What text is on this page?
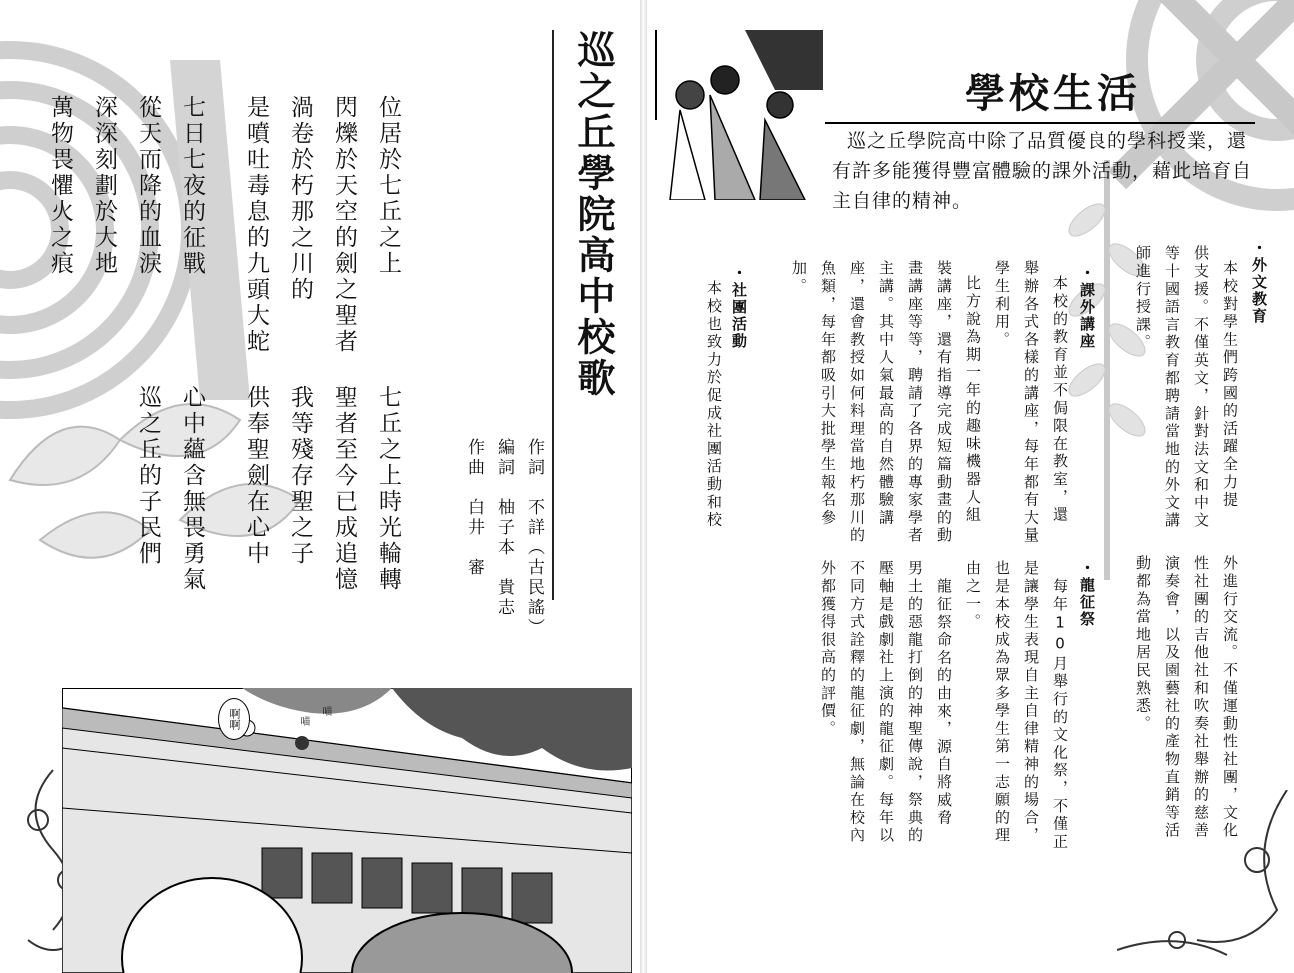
巡之丘學院高中校歌
作詞　不詳（古民謠）
編詞　柚子本　貴志
作曲　白井　審
位居於七丘之上
閃爍於天空的劍之聖者
渦卷於朽那之川的
是噴吐毒息的九頭大蛇
七日七夜的征戰
從天而降的血淚
深深刻劃於大地
萬物畏懼火之痕
七丘之上時光輪轉
聖者至今已成追憶
我等殘存聖之子
供奉聖劍在心中
心中蘊含無畏勇氣
巡之丘的子民們
啊啊	喵
喵
學校生活
巡之丘學院高中除了品質優良的學科授業，還
有許多能獲得豐富體驗的課外活動，藉此培育自
主自律的精神。
・外文教育
本校對學生們跨國的活躍全力提
供支援。不僅英文，針對法文和中文
等十國語言教育都聘請當地的外文講
師進行授課。
・課外講座
本校的教育並不侷限在教室，還
舉辦各式各樣的講座，每年都有大量
學生利用。
比方說為期一年的趣味機器人組
裝講座，還有指導完成短篇動畫的動
畫講座等等，聘請了各界的專家學者
主講。其中人氣最高的自然體驗講
座，還會教授如何料理當地朽那川的
魚類，每年都吸引大批學生報名參
加。
・社團活動
本校也致力於促成社團活動和校
外進行交流。不僅運動性社團，文化
性社團的吉他社和吹奏社舉辦的慈善
演奏會，以及園藝社的產物直銷等活
動都為當地居民熟悉。
・龍征祭
每年10月舉行的文化祭，不僅正
是讓學生表現自主自律精神的場合，
也是本校成為眾多學生第一志願的理
由之一。
龍征祭命名的由來，源自將威脅
男土的惡龍打倒的神聖傳說，祭典的
壓軸是戲劇社上演的龍征劇。每年以
不同方式詮釋的龍征劇，無論在校內
外都獲得很高的評價。
